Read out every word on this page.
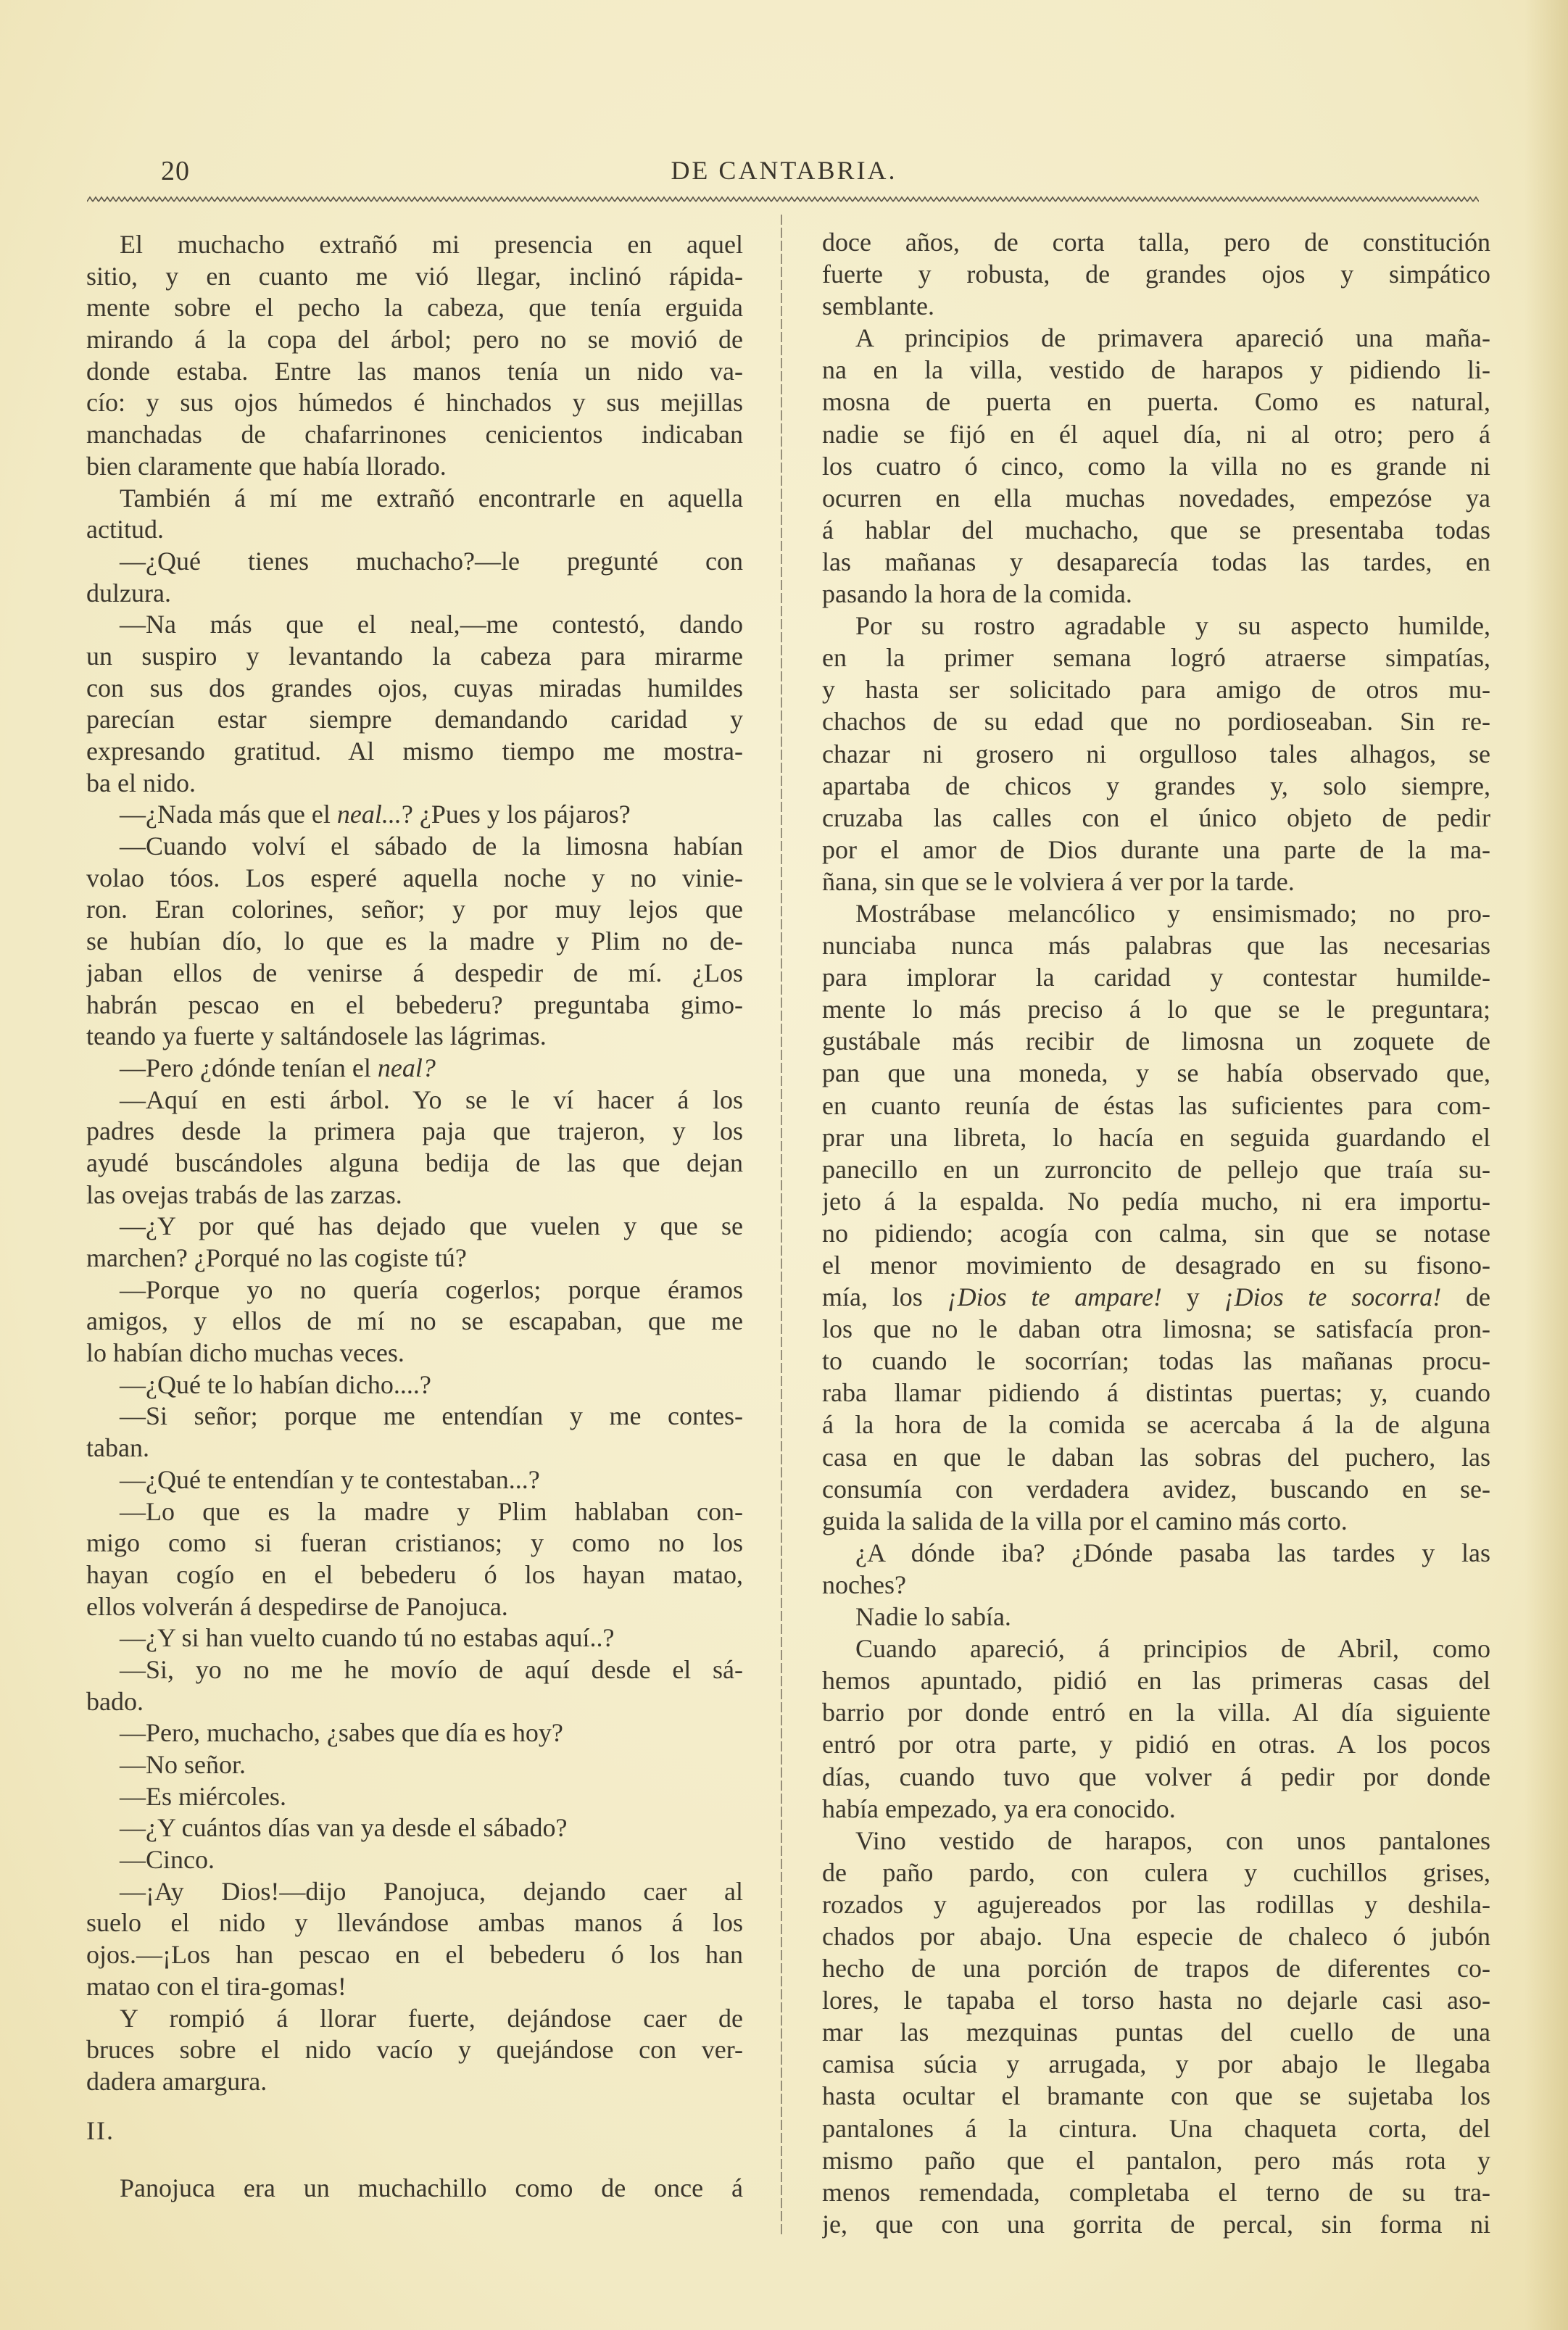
20	DE CANTABRIA.
El muchacho extrañó mi presencia en aquel
sitio, y en cuanto me vió llegar, inclinó rápida-
mente sobre el pecho la cabeza, que tenía erguida
mirando á la copa del árbol; pero no se movió de
donde estaba. Entre las manos tenía un nido va-
cío: y sus ojos húmedos é hinchados y sus mejillas
manchadas de chafarrinones cenicientos indicaban
bien claramente que había llorado.
También á mí me extrañó encontrarle en aquella
actitud.
—¿Qué tienes muchacho?—le pregunté con
dulzura.
—Na más que el neal,—me contestó, dando
un suspiro y levantando la cabeza para mirarme
con sus dos grandes ojos, cuyas miradas humildes
parecían estar siempre demandando caridad y
expresando gratitud. Al mismo tiempo me mostra-
ba el nido.
—¿Nada más que el neal...? ¿Pues y los pájaros?
—Cuando volví el sábado de la limosna habían
volao tóos. Los esperé aquella noche y no vinie-
ron. Eran colorines, señor; y por muy lejos que
se hubían dío, lo que es la madre y Plim no de-
jaban ellos de venirse á despedir de mí. ¿Los
habrán pescao en el bebederu? preguntaba gimo-
teando ya fuerte y saltándosele las lágrimas.
—Pero ¿dónde tenían el neal?
—Aquí en esti árbol. Yo se le ví hacer á los
padres desde la primera paja que trajeron, y los
ayudé buscándoles alguna bedija de las que dejan
las ovejas trabás de las zarzas.
—¿Y por qué has dejado que vuelen y que se
marchen? ¿Porqué no las cogiste tú?
—Porque yo no quería cogerlos; porque éramos
amigos, y ellos de mí no se escapaban, que me
lo habían dicho muchas veces.
—¿Qué te lo habían dicho....?
—Si señor; porque me entendían y me contes-
taban.
—¿Qué te entendían y te contestaban...?
—Lo que es la madre y Plim hablaban con-
migo como si fueran cristianos; y como no los
hayan cogío en el bebederu ó los hayan matao,
ellos volverán á despedirse de Panojuca.
—¿Y si han vuelto cuando tú no estabas aquí..?
—Si, yo no me he movío de aquí desde el sá-
bado.
—Pero, muchacho, ¿sabes que día es hoy?
—No señor.
—Es miércoles.
—¿Y cuántos días van ya desde el sábado?
—Cinco.
—¡Ay Dios!—dijo Panojuca, dejando caer al
suelo el nido y llevándose ambas manos á los
ojos.—¡Los han pescao en el bebederu ó los han
matao con el tira-gomas!
Y rompió á llorar fuerte, dejándose caer de
bruces sobre el nido vacío y quejándose con ver-
dadera amargura.
II.
Panojuca era un muchachillo como de once á
doce años, de corta talla, pero de constitución
fuerte y robusta, de grandes ojos y simpático
semblante.
A principios de primavera apareció una maña-
na en la villa, vestido de harapos y pidiendo li-
mosna de puerta en puerta. Como es natural,
nadie se fijó en él aquel día, ni al otro; pero á
los cuatro ó cinco, como la villa no es grande ni
ocurren en ella muchas novedades, empezóse ya
á hablar del muchacho, que se presentaba todas
las mañanas y desaparecía todas las tardes, en
pasando la hora de la comida.
Por su rostro agradable y su aspecto humilde,
en la primer semana logró atraerse simpatías,
y hasta ser solicitado para amigo de otros mu-
chachos de su edad que no pordioseaban. Sin re-
chazar ni grosero ni orgulloso tales alhagos, se
apartaba de chicos y grandes y, solo siempre,
cruzaba las calles con el único objeto de pedir
por el amor de Dios durante una parte de la ma-
ñana, sin que se le volviera á ver por la tarde.
Mostrábase melancólico y ensimismado; no pro-
nunciaba nunca más palabras que las necesarias
para implorar la caridad y contestar humilde-
mente lo más preciso á lo que se le preguntara;
gustábale más recibir de limosna un zoquete de
pan que una moneda, y se había observado que,
en cuanto reunía de éstas las suficientes para com-
prar una libreta, lo hacía en seguida guardando el
panecillo en un zurroncito de pellejo que traía su-
jeto á la espalda. No pedía mucho, ni era importu-
no pidiendo; acogía con calma, sin que se notase
el menor movimiento de desagrado en su fisono-
mía, los ¡Dios te ampare! y ¡Dios te socorra! de
los que no le daban otra limosna; se satisfacía pron-
to cuando le socorrían; todas las mañanas procu-
raba llamar pidiendo á distintas puertas; y, cuando
á la hora de la comida se acercaba á la de alguna
casa en que le daban las sobras del puchero, las
consumía con verdadera avidez, buscando en se-
guida la salida de la villa por el camino más corto.
¿A dónde iba? ¿Dónde pasaba las tardes y las
noches?
Nadie lo sabía.
Cuando apareció, á principios de Abril, como
hemos apuntado, pidió en las primeras casas del
barrio por donde entró en la villa. Al día siguiente
entró por otra parte, y pidió en otras. A los pocos
días, cuando tuvo que volver á pedir por donde
había empezado, ya era conocido.
Vino vestido de harapos, con unos pantalones
de paño pardo, con culera y cuchillos grises,
rozados y agujereados por las rodillas y deshila-
chados por abajo. Una especie de chaleco ó jubón
hecho de una porción de trapos de diferentes co-
lores, le tapaba el torso hasta no dejarle casi aso-
mar las mezquinas puntas del cuello de una
camisa súcia y arrugada, y por abajo le llegaba
hasta ocultar el bramante con que se sujetaba los
pantalones á la cintura. Una chaqueta corta, del
mismo paño que el pantalon, pero más rota y
menos remendada, completaba el terno de su tra-
je, que con una gorrita de percal, sin forma ni
